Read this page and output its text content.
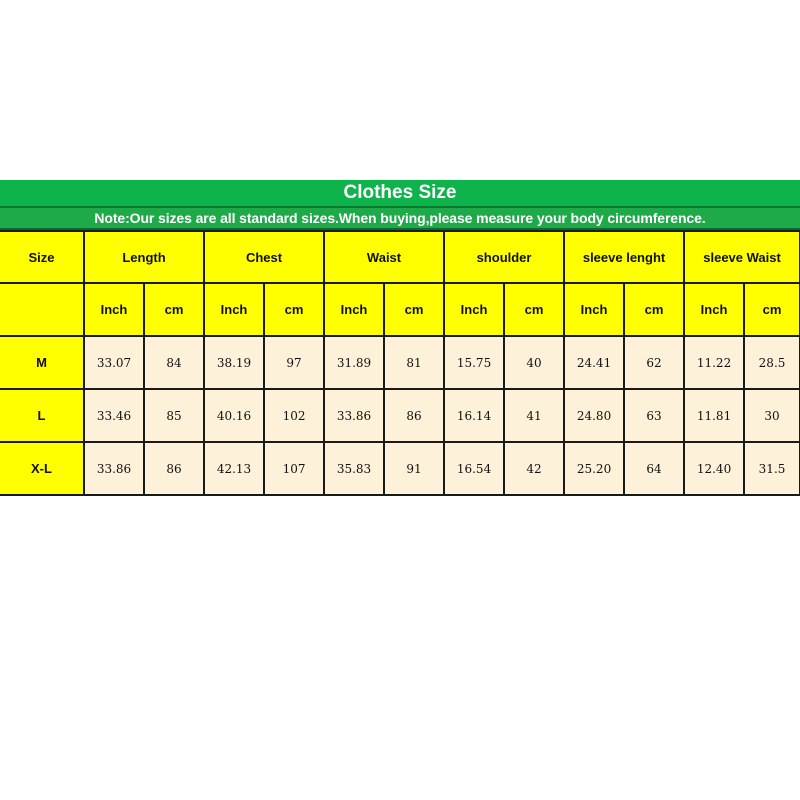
Clothes Size
Note:Our sizes are all standard sizes.When buying,please measure your body circumference.
Size	Length		Chest		Waist		shoulder		sleeve lenght		sleeve Waist	
	Inch	cm	Inch	cm	Inch	cm	Inch	cm	Inch	cm	Inch	cm
M	33.07	84	38.19	97	31.89	81	15.75	40	24.41	62	11.22	28.5
L	33.46	85	40.16	102	33.86	86	16.14	41	24.80	63	11.81	30
X-L	33.86	86	42.13	107	35.83	91	16.54	42	25.20	64	12.40	31.5
